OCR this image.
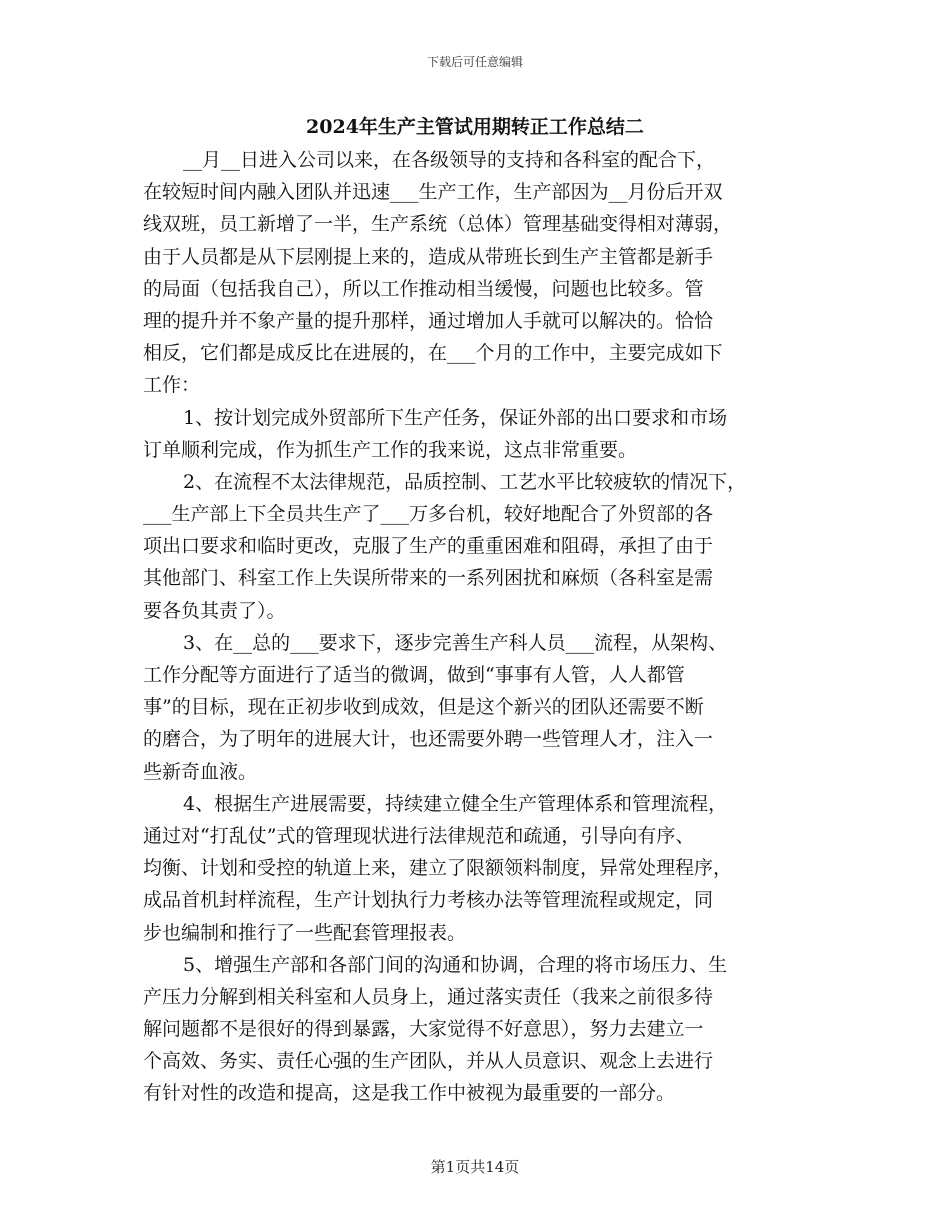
下载后可任意编辑
2024年生产主管试用期转正工作总结二
__月__日进入公司以来，在各级领导的支持和各科室的配合下，
在较短时间内融入团队并迅速___生产工作，生产部因为__月份后开双
线双班，员工新增了一半，生产系统（总体）管理基础变得相对薄弱，
由于人员都是从下层刚提上来的，造成从带班长到生产主管都是新手
的局面（包括我自己），所以工作推动相当缓慢，问题也比较多。管
理的提升并不象产量的提升那样，通过增加人手就可以解决的。恰恰
相反，它们都是成反比在进展的，在___个月的工作中，主要完成如下
工作：
1、按计划完成外贸部所下生产任务，保证外部的出口要求和市场
订单顺利完成，作为抓生产工作的我来说，这点非常重要。
2、在流程不太法律规范，品质控制、工艺水平比较疲软的情况下，
___生产部上下全员共生产了___万多台机，较好地配合了外贸部的各
项出口要求和临时更改，克服了生产的重重困难和阻碍，承担了由于
其他部门、科室工作上失误所带来的一系列困扰和麻烦（各科室是需
要各负其责了）。
3、在__总的___要求下，逐步完善生产科人员___流程，从架构、
工作分配等方面进行了适当的微调，做到“事事有人管，人人都管
事”的目标，现在正初步收到成效，但是这个新兴的团队还需要不断
的磨合，为了明年的进展大计，也还需要外聘一些管理人才，注入一
些新奇血液。
4、根据生产进展需要，持续建立健全生产管理体系和管理流程，
通过对“打乱仗”式的管理现状进行法律规范和疏通，引导向有序、
均衡、计划和受控的轨道上来，建立了限额领料制度，异常处理程序，
成品首机封样流程，生产计划执行力考核办法等管理流程或规定，同
步也编制和推行了一些配套管理报表。
5、增强生产部和各部门间的沟通和协调，合理的将市场压力、生
产压力分解到相关科室和人员身上，通过落实责任（我来之前很多待
解问题都不是很好的得到暴露，大家觉得不好意思），努力去建立一
个高效、务实、责任心强的生产团队，并从人员意识、观念上去进行
有针对性的改造和提高，这是我工作中被视为最重要的一部分。
第1页共14页
